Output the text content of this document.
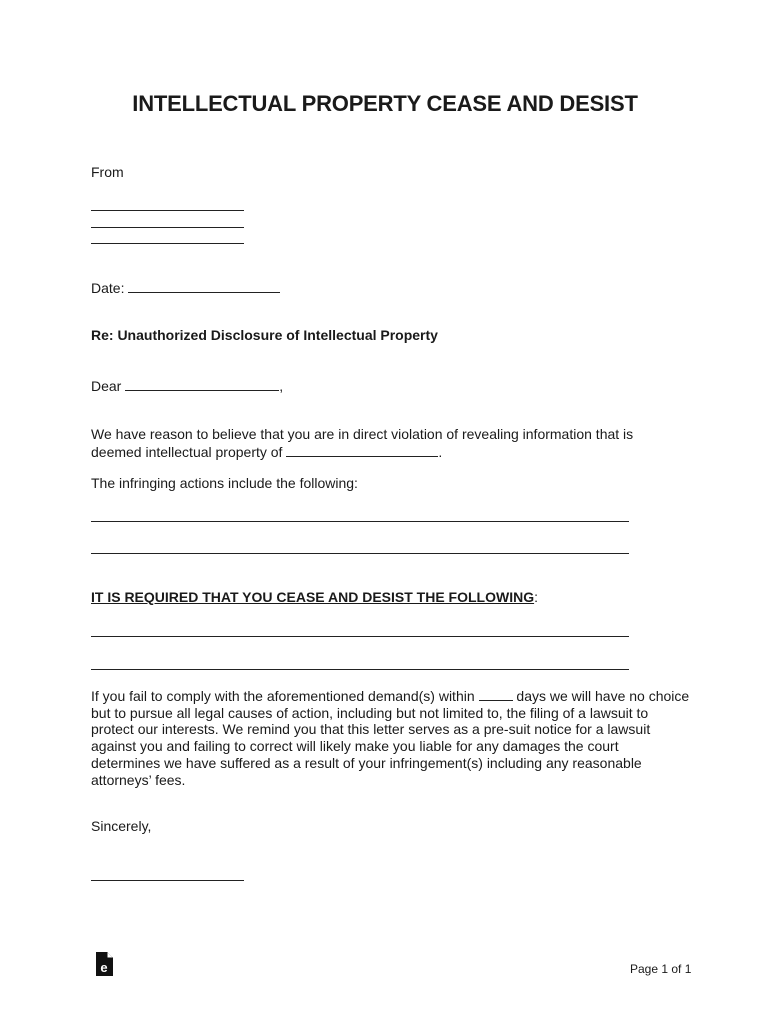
INTELLECTUAL PROPERTY CEASE AND DESIST
From
Date:
Re: Unauthorized Disclosure of Intellectual Property
Dear	,
We have reason to believe that you are in direct violation of revealing information that is
deemed intellectual property of	.
The infringing actions include the following:
IT IS REQUIRED THAT YOU CEASE AND DESIST THE FOLLOWING:
If you fail to comply with the aforementioned demand(s) within	days we will have no choice
but to pursue all legal causes of action, including but not limited to, the filing of a lawsuit to
protect our interests. We remind you that this letter serves as a pre-suit notice for a lawsuit
against you and failing to correct will likely make you liable for any damages the court
determines we have suffered as a result of your infringement(s) including any reasonable
attorneys’ fees.
Sincerely,
e	Page 1 of 1
